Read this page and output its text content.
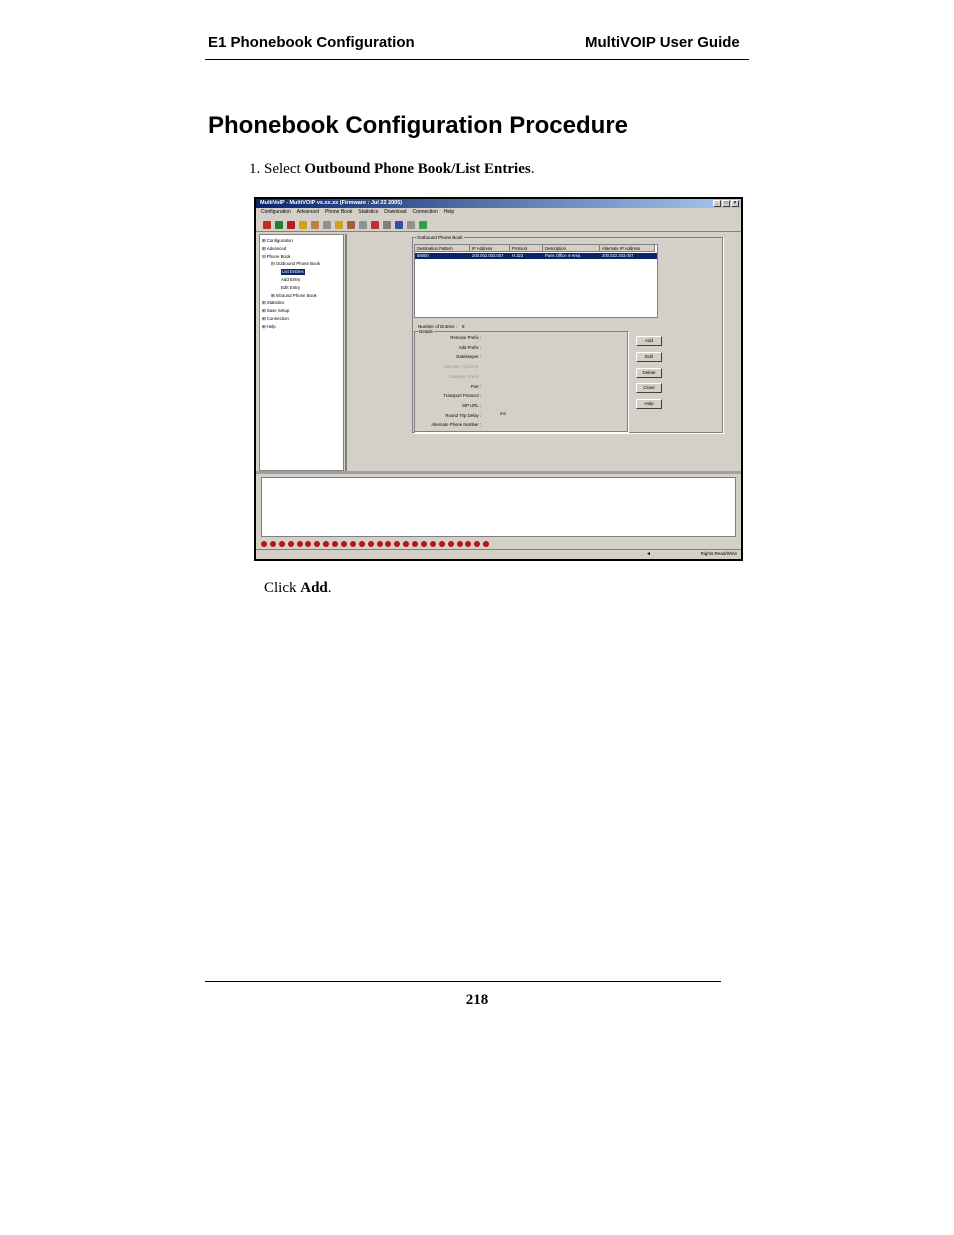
E1 Phonebook Configuration	MultiVOIP User Guide
Phonebook Configuration Procedure
1. Select Outbound Phone Book/List Entries.
MultiVoIP - MultiVOIP vx.xx.xx (Firmware : Jul 22 2005)	_	□	×
Configuration Advanced Phone Book Statistics Download Connection Help
⊞Configuration
⊞Advanced
⊟Phone Book
⊟Outbound Phone Book
List Entries
Add Entry
Edit Entry
⊞Inbound Phone Book
⊞Statistics
⊞Save Setup
⊞Connection
⊞Help
Outbound Phone Book
Destination Pattern	IP Address	Protocol	Description	Alternate IP Address
58000	200.002.003.007	H.323	Paris Office 4-Area	200.022.203.007
Number of Entries : 8
Details
Remove Prefix :
Add Prefix :
Gatekeeper :
Gateway H.323 ID :
Gateway Prefix :
Port :
Transport Protocol :
SIP URL :
Round Trip Delay :
Alternate Phone Number :
ms
Add
Edit
Delete
Close
Help
◄	Rights:Read/Write
Click Add.
218
